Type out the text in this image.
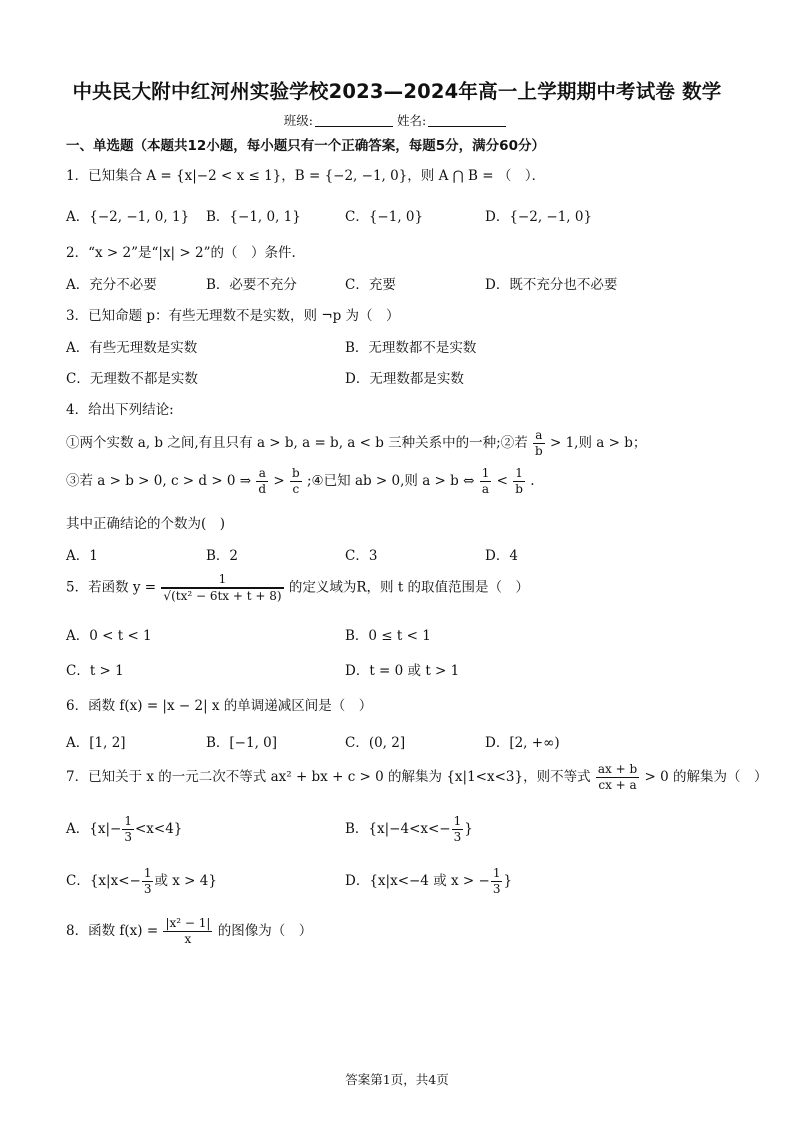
中央民大附中红河州实验学校2023—2024年高一上学期期中考试卷 数学
班级:	姓名:
一、单选题（本题共12小题，每小题只有一个正确答案，每题5分，满分60分）
1．已知集合 A = {x|−2 < x ≤ 1}，B = {−2, −1, 0}，则 A ⋂ B = （　）．
A．{−2, −1, 0, 1} B．{−1, 0, 1}	C．{−1, 0}	D．{−2, −1, 0}
2．“x > 2”是“|x| > 2”的（　）条件.
A．充分不必要	B．必要不充分	C．充要	D．既不充分也不必要
3．已知命题 p：有些无理数不是实数，则 ¬p 为（　）
A．有些无理数是实数	B．无理数都不是实数
C．无理数不都是实数	D．无理数都是实数
4．给出下列结论:
①两个实数 a, b 之间,有且只有 a > b, a = b, a < b 三种关系中的一种;②若 $\frac{a}{b} > 1$,则 a > b；
③若 a > b > 0, c > d > 0 ⇒ $\frac{a}{d} > \frac{b}{c}$ ;④已知 ab > 0,则 a > b ⇔ $\frac{1}{a} < \frac{1}{b}$ .
其中正确结论的个数为(　)
A．1	B．2	C．3	D．4
5．若函数 $y = \frac{1}{\text{√(tx² − 6tx + t + 8)}}$ 的定义域为R，则 t 的取值范围是（　）
A．0 < t < 1	B．0 ≤ t < 1
C．t > 1	D．t = 0 或 t > 1
6．函数 f(x) = |x − 2| x 的单调递减区间是（　）
A．[1, 2]	B．[−1, 0]	C．(0, 2]	D．[2, +∞)
7．已知关于 x 的一元二次不等式 ax² + bx + c > 0 的解集为 {x|1<x<3}，则不等式 $\frac{ax + b}{cx + a} > 0$ 的解集为（　）
A．$\{x|- \frac{1}{3} <x<4\}$	B．{$x|-4<x<- \frac{1}{3}$ }
C．{$x|x<- \frac{1}{3}$ 或 x > 4}	D．{x|x<−4 或 x > − $\frac{1}{3}$ }
8．函数 $f(x) = \frac{\text{|x² − 1|}}{x}$ 的图像为（　）
答案第1页，共4页
